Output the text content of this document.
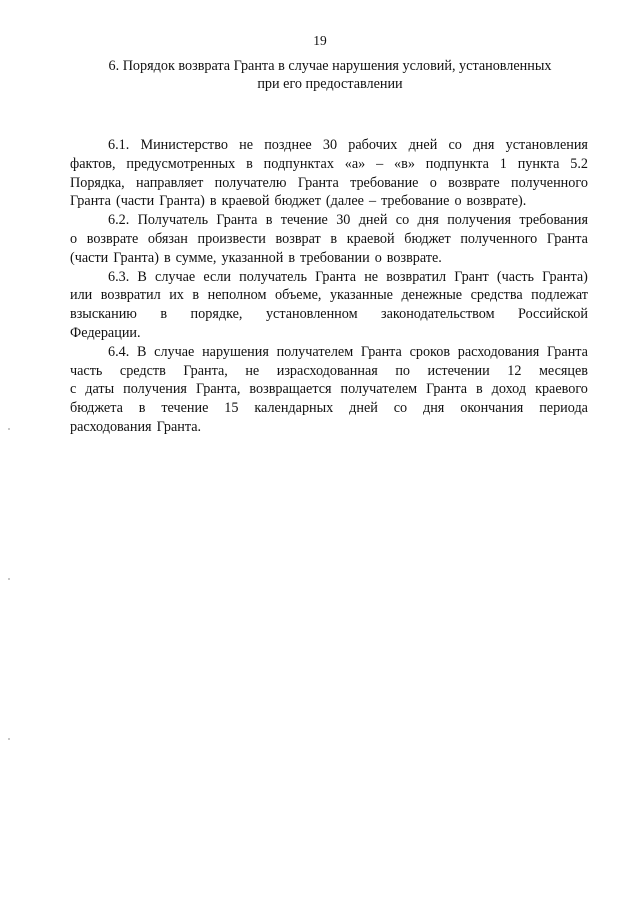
19
6. Порядок возврата Гранта в случае нарушения условий, установленных
при его предоставлении
6.1. Министерство не позднее 30 рабочих дней со дня установления
фактов, предусмотренных в подпунктах «а» – «в» подпункта 1 пункта 5.2
Порядка, направляет получателю Гранта требование о возврате полученного
Гранта (части Гранта) в краевой бюджет (далее – требование о возврате).
6.2. Получатель Гранта в течение 30 дней со дня получения требования
о возврате обязан произвести возврат в краевой бюджет полученного Гранта
(части Гранта) в сумме, указанной в требовании о возврате.
6.3. В случае если получатель Гранта не возвратил Грант (часть Гранта)
или возвратил их в неполном объеме, указанные денежные средства подлежат
взысканию в порядке, установленном законодательством Российской
Федерации.
6.4. В случае нарушения получателем Гранта сроков расходования Гранта
часть средств Гранта, не израсходованная по истечении 12 месяцев
с даты получения Гранта, возвращается получателем Гранта в доход краевого
бюджета в течение 15 календарных дней со дня окончания периода
расходования Гранта.
